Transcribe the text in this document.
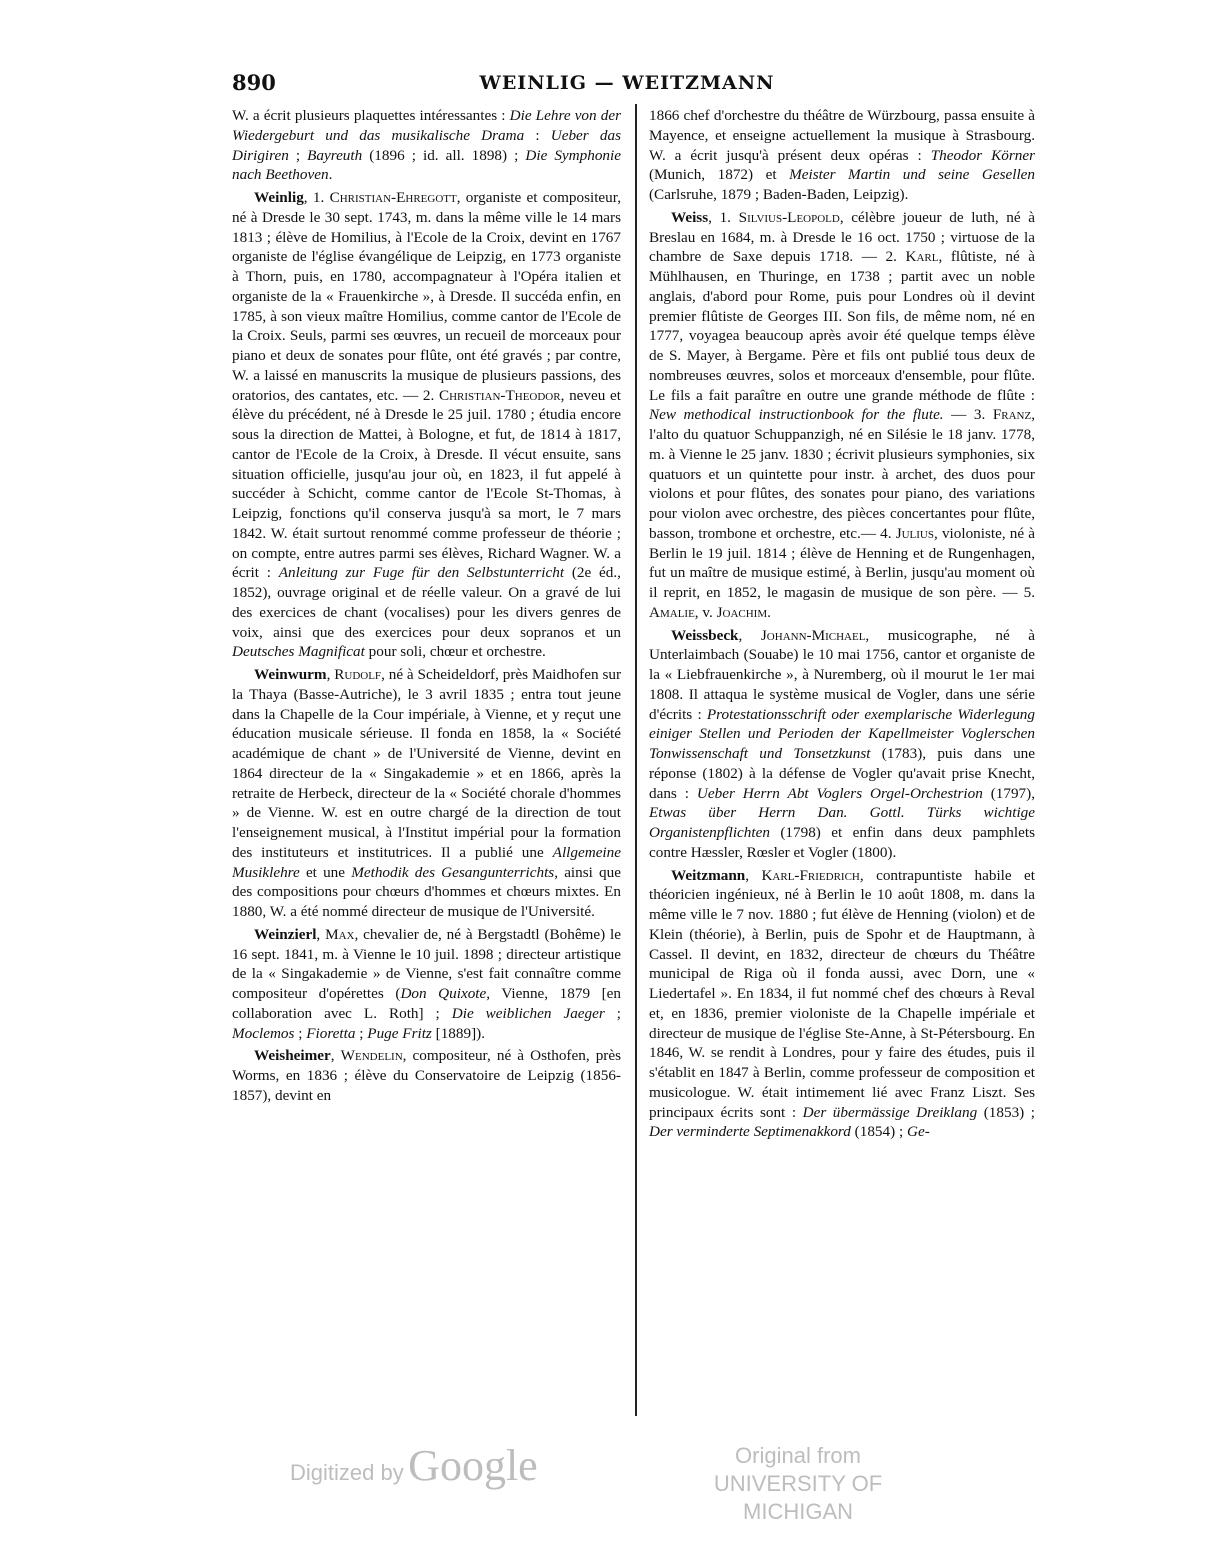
890	WEINLIG — WEITZMANN

W. a écrit plusieurs plaquettes intéressantes : Die Lehre von der Wiedergeburt und das musikalische Drama : Ueber das Dirigiren ; Bayreuth (1896 ; id. all. 1898) ; Die Symphonie nach Beethoven.

Weinlig, 1. Christian-Ehregott, organiste et compositeur, né à Dresde le 30 sept. 1743, m. dans la même ville le 14 mars 1813 ; élève de Homilius, à l'Ecole de la Croix, devint en 1767 organiste de l'église évangélique de Leipzig, en 1773 organiste à Thorn, puis, en 1780, accompagnateur à l'Opéra italien et organiste de la « Frauenkirche », à Dresde. Il succéda enfin, en 1785, à son vieux maître Homilius, comme cantor de l'Ecole de la Croix. Seuls, parmi ses œuvres, un recueil de morceaux pour piano et deux de sonates pour flûte, ont été gravés ; par contre, W. a laissé en manuscrits la musique de plusieurs passions, des oratorios, des cantates, etc. — 2. Christian-Theodor, neveu et élève du précédent, né à Dresde le 25 juil. 1780 ; étudia encore sous la direction de Mattei, à Bologne, et fut, de 1814 à 1817, cantor de l'Ecole de la Croix, à Dresde. Il vécut ensuite, sans situation officielle, jusqu'au jour où, en 1823, il fut appelé à succéder à Schicht, comme cantor de l'Ecole St-Thomas, à Leipzig, fonctions qu'il conserva jusqu'à sa mort, le 7 mars 1842. W. était surtout renommé comme professeur de théorie ; on compte, entre autres parmi ses élèves, Richard Wagner. W. a écrit : Anleitung zur Fuge für den Selbstunterricht (2e éd., 1852), ouvrage original et de réelle valeur. On a gravé de lui des exercices de chant (vocalises) pour les divers genres de voix, ainsi que des exercices pour deux sopranos et un Deutsches Magnificat pour soli, chœur et orchestre.

Weinwurm, Rudolf, né à Scheideldorf, près Maidhofen sur la Thaya (Basse-Autriche), le 3 avril 1835 ; entra tout jeune dans la Chapelle de la Cour impériale, à Vienne, et y reçut une éducation musicale sérieuse. Il fonda en 1858, la « Société académique de chant » de l'Université de Vienne, devint en 1864 directeur de la « Singakademie » et en 1866, après la retraite de Herbeck, directeur de la « Société chorale d'hommes » de Vienne. W. est en outre chargé de la direction de tout l'enseignement musical, à l'Institut impérial pour la formation des instituteurs et institutrices. Il a publié une Allgemeine Musiklehre et une Methodik des Gesangunterrichts, ainsi que des compositions pour chœurs d'hommes et chœurs mixtes. En 1880, W. a été nommé directeur de musique de l'Université.

Weinzierl, Max, chevalier de, né à Bergstadtl (Bohême) le 16 sept. 1841, m. à Vienne le 10 juil. 1898 ; directeur artistique de la « Singakademie » de Vienne, s'est fait connaître comme compositeur d'opérettes (Don Quixote, Vienne, 1879 [en collaboration avec L. Roth] ; Die weiblichen Jaeger ; Moclemos ; Fioretta ; Puge Fritz [1889]).

Weisheimer, Wendelin, compositeur, né à Osthofen, près Worms, en 1836 ; élève du Conservatoire de Leipzig (1856-1857), devint en

1866 chef d'orchestre du théâtre de Würzbourg, passa ensuite à Mayence, et enseigne actuellement la musique à Strasbourg. W. a écrit jusqu'à présent deux opéras : Theodor Körner (Munich, 1872) et Meister Martin und seine Gesellen (Carlsruhe, 1879 ; Baden-Baden, Leipzig).

Weiss, 1. Silvius-Leopold, célèbre joueur de luth, né à Breslau en 1684, m. à Dresde le 16 oct. 1750 ; virtuose de la chambre de Saxe depuis 1718. — 2. Karl, flûtiste, né à Mühlhausen, en Thuringe, en 1738 ; partit avec un noble anglais, d'abord pour Rome, puis pour Londres où il devint premier flûtiste de Georges III. Son fils, de même nom, né en 1777, voyagea beaucoup après avoir été quelque temps élève de S. Mayer, à Bergame. Père et fils ont publié tous deux de nombreuses œuvres, solos et morceaux d'ensemble, pour flûte. Le fils a fait paraître en outre une grande méthode de flûte : New methodical instructionbook for the flute. — 3. Franz, l'alto du quatuor Schuppanzigh, né en Silésie le 18 janv. 1778, m. à Vienne le 25 janv. 1830 ; écrivit plusieurs symphonies, six quatuors et un quintette pour instr. à archet, des duos pour violons et pour flûtes, des sonates pour piano, des variations pour violon avec orchestre, des pièces concertantes pour flûte, basson, trombone et orchestre, etc.— 4. Julius, violoniste, né à Berlin le 19 juil. 1814 ; élève de Henning et de Rungenhagen, fut un maître de musique estimé, à Berlin, jusqu'au moment où il reprit, en 1852, le magasin de musique de son père. — 5. Amalie, v. Joachim.

Weissbeck, Johann-Michael, musicographe, né à Unterlaimbach (Souabe) le 10 mai 1756, cantor et organiste de la « Liebfrauenkirche », à Nuremberg, où il mourut le 1er mai 1808. Il attaqua le système musical de Vogler, dans une série d'écrits : Protestationsschrift oder exemplarische Widerlegung einiger Stellen und Perioden der Kapellmeister Voglerschen Tonwissenschaft und Tonsetzkunst (1783), puis dans une réponse (1802) à la défense de Vogler qu'avait prise Knecht, dans : Ueber Herrn Abt Voglers Orgel-Orchestrion (1797), Etwas über Herrn Dan. Gottl. Türks wichtige Organistenpflichten (1798) et enfin dans deux pamphlets contre Hæssler, Rœsler et Vogler (1800).

Weitzmann, Karl-Friedrich, contrapuntiste habile et théoricien ingénieux, né à Berlin le 10 août 1808, m. dans la même ville le 7 nov. 1880 ; fut élève de Henning (violon) et de Klein (théorie), à Berlin, puis de Spohr et de Hauptmann, à Cassel. Il devint, en 1832, directeur de chœurs du Théâtre municipal de Riga où il fonda aussi, avec Dorn, une « Liedertafel ». En 1834, il fut nommé chef des chœurs à Reval et, en 1836, premier violoniste de la Chapelle impériale et directeur de musique de l'église Ste-Anne, à St-Pétersbourg. En 1846, W. se rendit à Londres, pour y faire des études, puis il s'établit en 1847 à Berlin, comme professeur de composition et musicologue. W. était intimement lié avec Franz Liszt. Ses principaux écrits sont : Der übermässige Dreiklang (1853) ; Der verminderte Septimenakkord (1854) ; Ge-

Digitized by Google	Original from
UNIVERSITY OF MICHIGAN
